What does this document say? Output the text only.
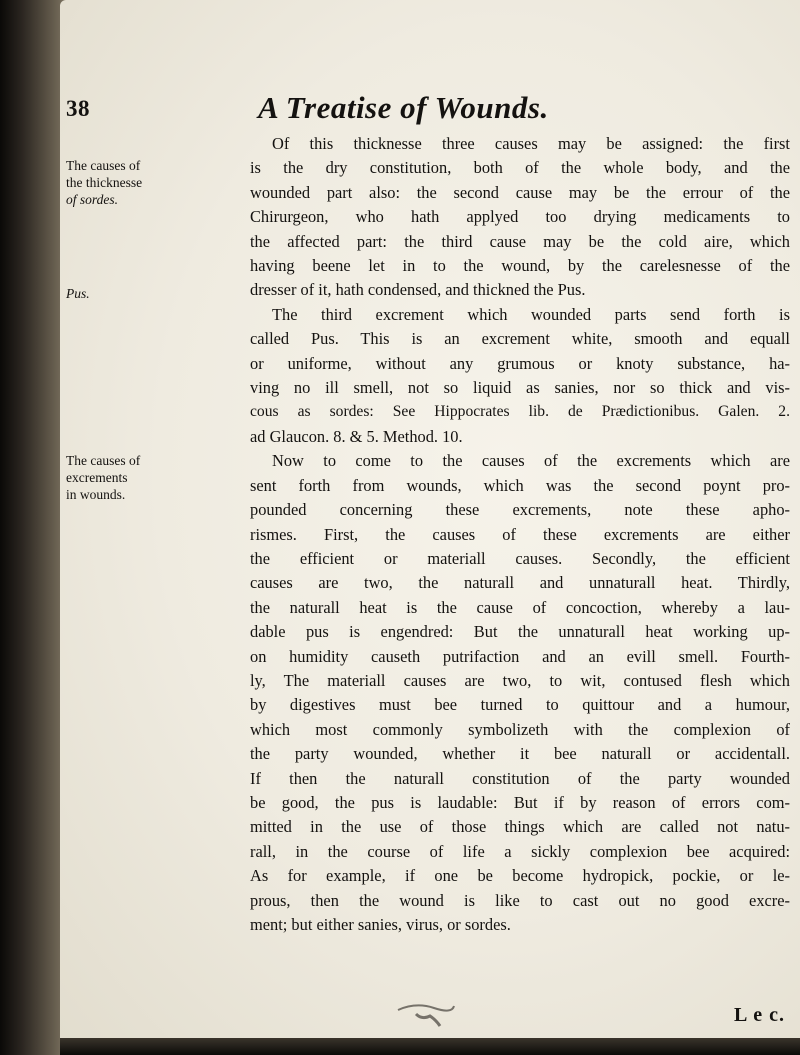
38	A Treatise of Wounds.
The causes of
the thicknesse
of sordes.
Pus.
The causes of
excrements
in wounds.
Of this thicknesse three causes may be assigned: the first
is the dry constitution, both of the whole body, and the
wounded part also: the second cause may be the errour of the
Chirurgeon, who hath applyed too drying medicaments to
the affected part: the third cause may be the cold aire, which
having beene let in to the wound, by the carelesnesse of the
dresser of it, hath condensed, and thickned the Pus.
The third excrement which wounded parts send forth is
called Pus. This is an excrement white, smooth and equall
or uniforme, without any grumous or knoty substance, ha-
ving no ill smell, not so liquid as sanies, nor so thick and vis-
cous as sordes: See Hippocrates lib. de Prædictionibus. Galen. 2.
ad Glaucon. 8. & 5. Method. 10.
Now to come to the causes of the excrements which are
sent forth from wounds, which was the second poynt pro-
pounded concerning these excrements, note these apho-
rismes. First, the causes of these excrements are either
the efficient or materiall causes. Secondly, the efficient
causes are two, the naturall and unnaturall heat. Thirdly,
the naturall heat is the cause of concoction, whereby a lau-
dable pus is engendred: But the unnaturall heat working up-
on humidity causeth putrifaction and an evill smell. Fourth-
ly, The materiall causes are two, to wit, contused flesh which
by digestives must bee turned to quittour and a humour,
which most commonly symbolizeth with the complexion of
the party wounded, whether it bee naturall or accidentall.
If then the naturall constitution of the party wounded
be good, the pus is laudable: But if by reason of errors com-
mitted in the use of those things which are called not natu-
rall, in the course of life a sickly complexion bee acquired:
As for example, if one be become hydropick, pockie, or le-
prous, then the wound is like to cast out no good excre-
ment; but either sanies, virus, or sordes.
L e c.
